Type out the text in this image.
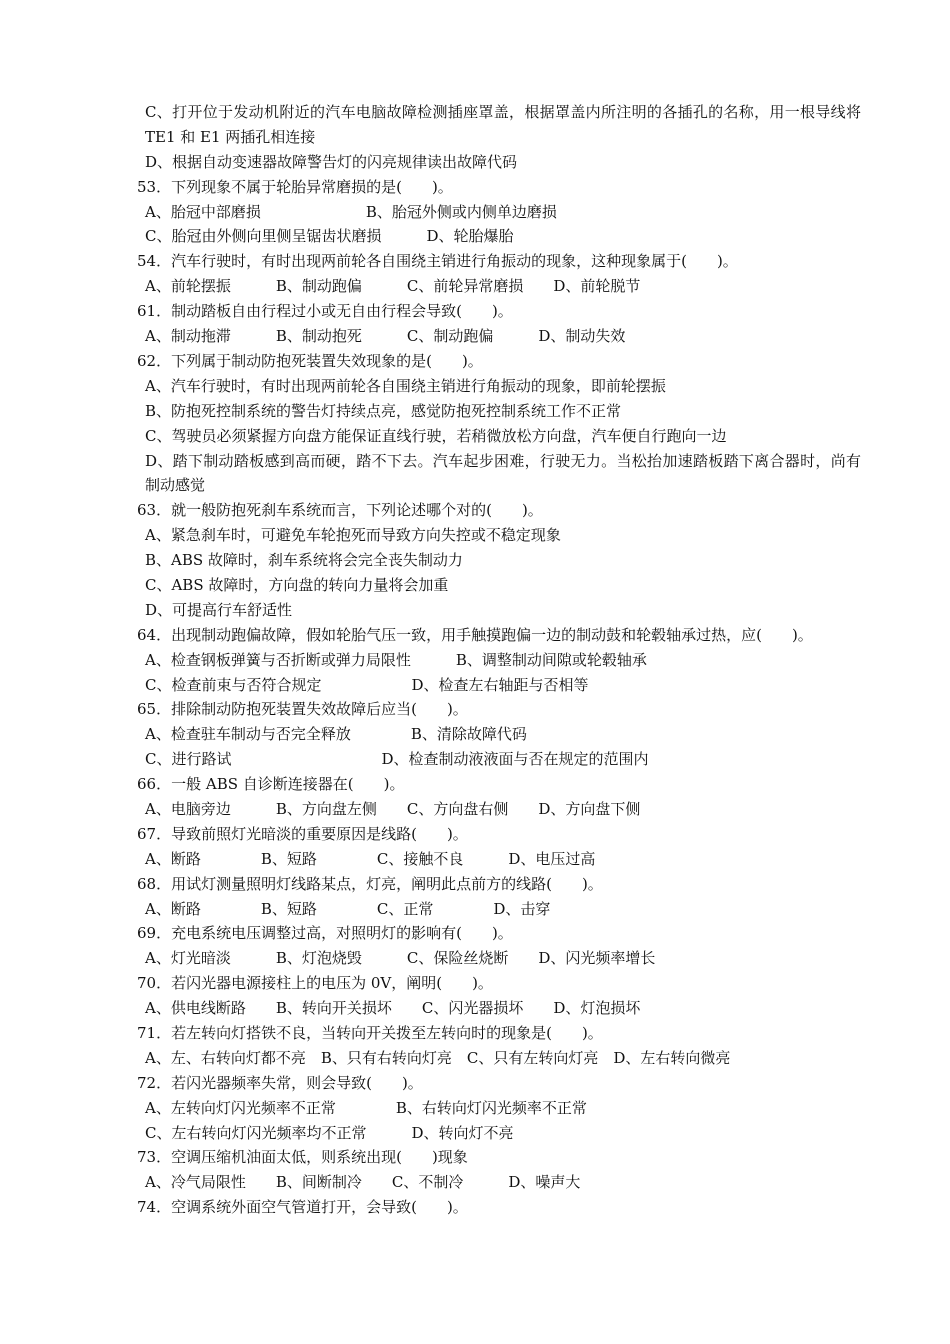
C、打开位于发动机附近的汽车电脑故障检测插座罩盖，根据罩盖内所注明的各插孔的名称，用一根导线将 TE1 和 E1 两插孔相连接
D、根据自动变速器故障警告灯的闪亮规律读出故障代码
53．下列现象不属于轮胎异常磨损的是(　　)。
A、胎冠中部磨损　　　　　　　B、胎冠外侧或内侧单边磨损
C、胎冠由外侧向里侧呈锯齿状磨损　　　D、轮胎爆胎
54．汽车行驶时，有时出现两前轮各自围绕主销进行角振动的现象，这种现象属于(　　)。
A、前轮摆振　　　B、制动跑偏　　　C、前轮异常磨损　　D、前轮脱节
61．制动踏板自由行程过小或无自由行程会导致(　　)。
A、制动拖滞　　　B、制动抱死　　　C、制动跑偏　　　D、制动失效
62．下列属于制动防抱死装置失效现象的是(　　)。
A、汽车行驶时，有时出现两前轮各自围绕主销进行角振动的现象，即前轮摆振
B、防抱死控制系统的警告灯持续点亮，感觉防抱死控制系统工作不正常
C、驾驶员必须紧握方向盘方能保证直线行驶，若稍微放松方向盘，汽车便自行跑向一边
D、踏下制动踏板感到高而硬，踏不下去。汽车起步困难，行驶无力。当松抬加速踏板踏下离合器时，尚有制动感觉
63．就一般防抱死刹车系统而言，下列论述哪个对的(　　)。
A、紧急刹车时，可避免车轮抱死而导致方向失控或不稳定现象
B、ABS 故障时，刹车系统将会完全丧失制动力
C、ABS 故障时，方向盘的转向力量将会加重
D、可提高行车舒适性
64．出现制动跑偏故障，假如轮胎气压一致，用手触摸跑偏一边的制动鼓和轮毂轴承过热，应(　　)。
A、检查钢板弹簧与否折断或弹力局限性　　　B、调整制动间隙或轮毂轴承
C、检查前束与否符合规定　　　　　　D、检查左右轴距与否相等
65．排除制动防抱死装置失效故障后应当(　　)。
A、检查驻车制动与否完全释放　　　　B、清除故障代码
C、进行路试　　　　　　　　　　D、检查制动液液面与否在规定的范围内
66．一般 ABS 自诊断连接器在(　　)。
A、电脑旁边　　　B、方向盘左侧　　C、方向盘右侧　　D、方向盘下侧
67．导致前照灯光暗淡的重要原因是线路(　　)。
A、断路　　　　B、短路　　　　C、接触不良　　　D、电压过高
68．用试灯测量照明灯线路某点，灯亮，阐明此点前方的线路(　　)。
A、断路　　　　B、短路　　　　C、正常　　　　D、击穿
69．充电系统电压调整过高，对照明灯的影响有(　　)。
A、灯光暗淡　　　B、灯泡烧毁　　　C、保险丝烧断　　D、闪光频率增长
70．若闪光器电源接柱上的电压为 0V，阐明(　　)。
A、供电线断路　　B、转向开关损坏　　C、闪光器损坏　　D、灯泡损坏
71．若左转向灯搭铁不良，当转向开关拨至左转向时的现象是(　　)。
A、左、右转向灯都不亮　B、只有右转向灯亮　C、只有左转向灯亮　D、左右转向微亮
72．若闪光器频率失常，则会导致(　　)。
A、左转向灯闪光频率不正常　　　　B、右转向灯闪光频率不正常
C、左右转向灯闪光频率均不正常　　　D、转向灯不亮
73．空调压缩机油面太低，则系统出现(　　)现象
A、冷气局限性　　B、间断制冷　　C、不制冷　　　D、噪声大
74．空调系统外面空气管道打开，会导致(　　)。
